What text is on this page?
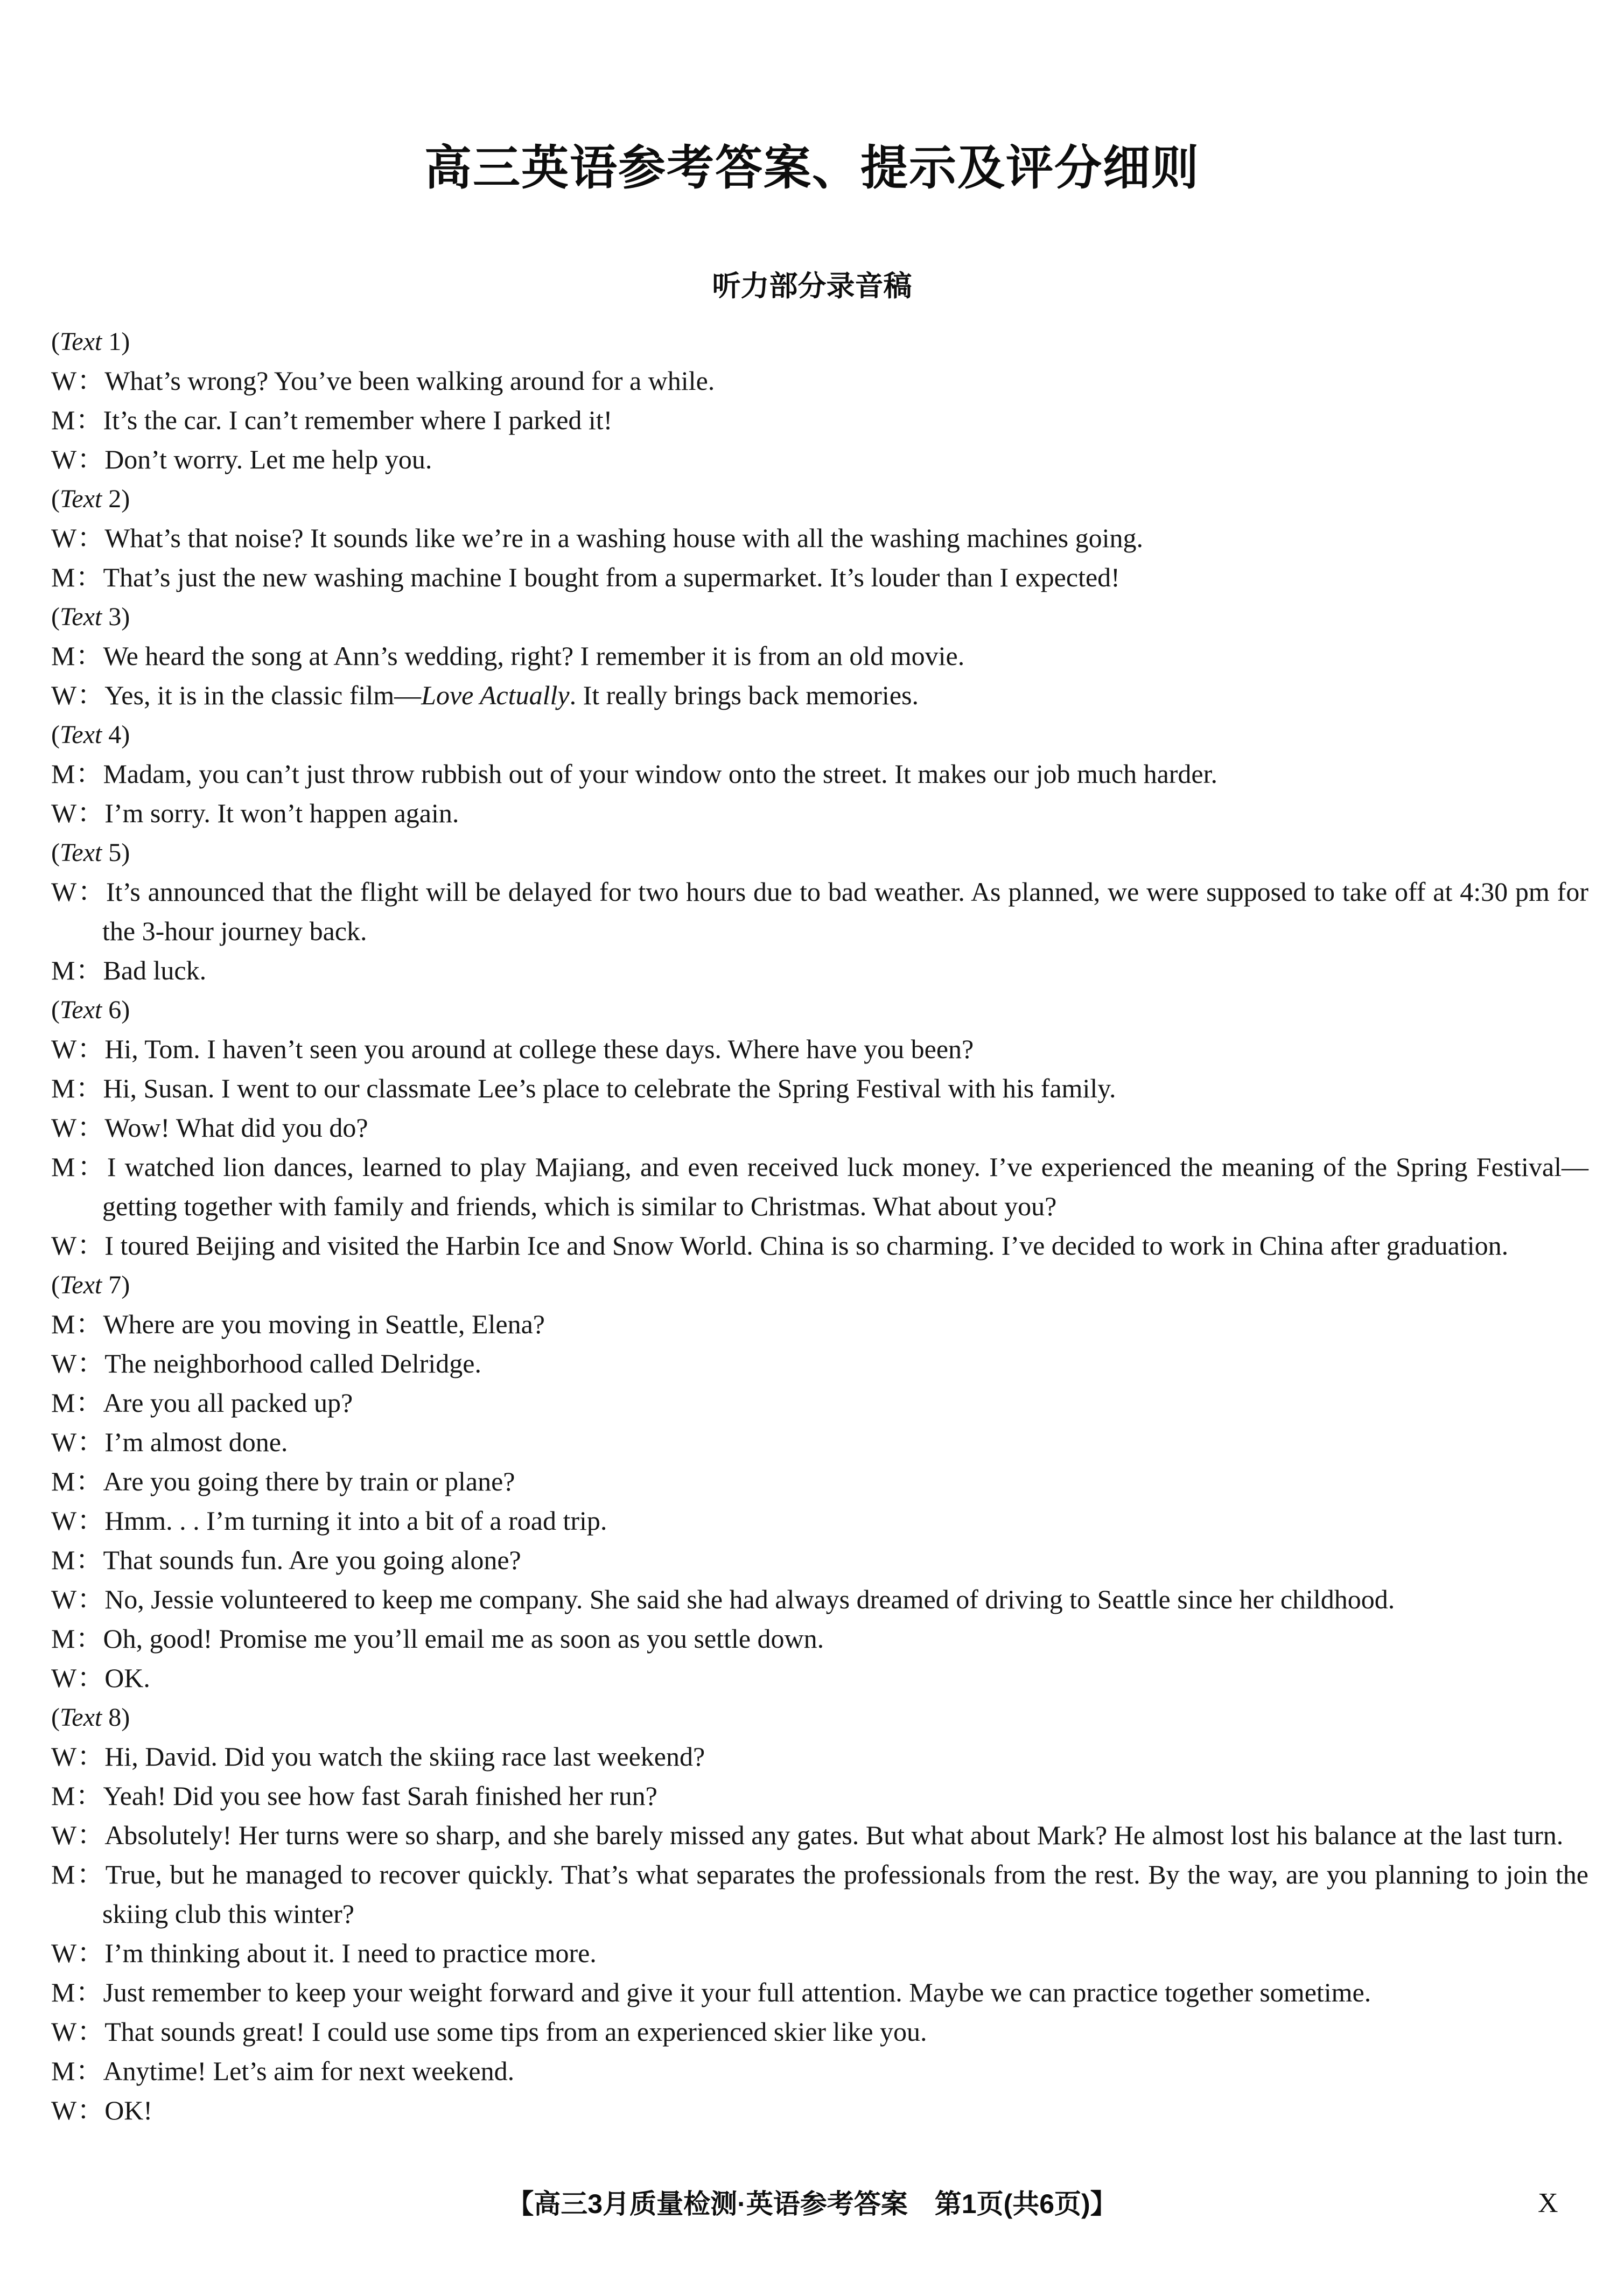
高三英语参考答案、提示及评分细则
听力部分录音稿

(Text 1)

W：What’s wrong? You’ve been walking around for a while.

M：It’s the car. I can’t remember where I parked it!

W：Don’t worry. Let me help you.

(Text 2)

W：What’s that noise? It sounds like we’re in a washing house with all the washing machines going.

M：That’s just the new washing machine I bought from a supermarket. It’s louder than I expected!

(Text 3)

M：We heard the song at Ann’s wedding, right? I remember it is from an old movie.

W：Yes, it is in the classic film—Love Actually. It really brings back memories.

(Text 4)

M：Madam, you can’t just throw rubbish out of your window onto the street. It makes our job much harder.

W：I’m sorry. It won’t happen again.

(Text 5)

W：It’s announced that the flight will be delayed for two hours due to bad weather. As planned, we were supposed to take off at 4:30 pm for the 3-hour journey back.

M：Bad luck.

(Text 6)

W：Hi, Tom. I haven’t seen you around at college these days. Where have you been?

M：Hi, Susan. I went to our classmate Lee’s place to celebrate the Spring Festival with his family.

W：Wow! What did you do?

M：I watched lion dances, learned to play Majiang, and even received luck money. I’ve experienced the meaning of the Spring Festival—getting together with family and friends, which is similar to Christmas. What about you?

W：I toured Beijing and visited the Harbin Ice and Snow World. China is so charming. I’ve decided to work in China after graduation.

(Text 7)

M：Where are you moving in Seattle, Elena?

W：The neighborhood called Delridge.

M：Are you all packed up?

W：I’m almost done.

M：Are you going there by train or plane?

W：Hmm. . . I’m turning it into a bit of a road trip.

M：That sounds fun. Are you going alone?

W：No, Jessie volunteered to keep me company. She said she had always dreamed of driving to Seattle since her childhood.

M：Oh, good! Promise me you’ll email me as soon as you settle down.

W：OK.

(Text 8)

W：Hi, David. Did you watch the skiing race last weekend?

M：Yeah! Did you see how fast Sarah finished her run?

W：Absolutely! Her turns were so sharp, and she barely missed any gates. But what about Mark? He almost lost his balance at the last turn.

M：True, but he managed to recover quickly. That’s what separates the professionals from the rest. By the way, are you planning to join the skiing club this winter?

W：I’m thinking about it. I need to practice more.

M：Just remember to keep your weight forward and give it your full attention. Maybe we can practice together sometime.

W：That sounds great! I could use some tips from an experienced skier like you.

M：Anytime! Let’s aim for next weekend.

W：OK!

【高三3月质量检测·英语参考答案　第1页(共6页)】	X
